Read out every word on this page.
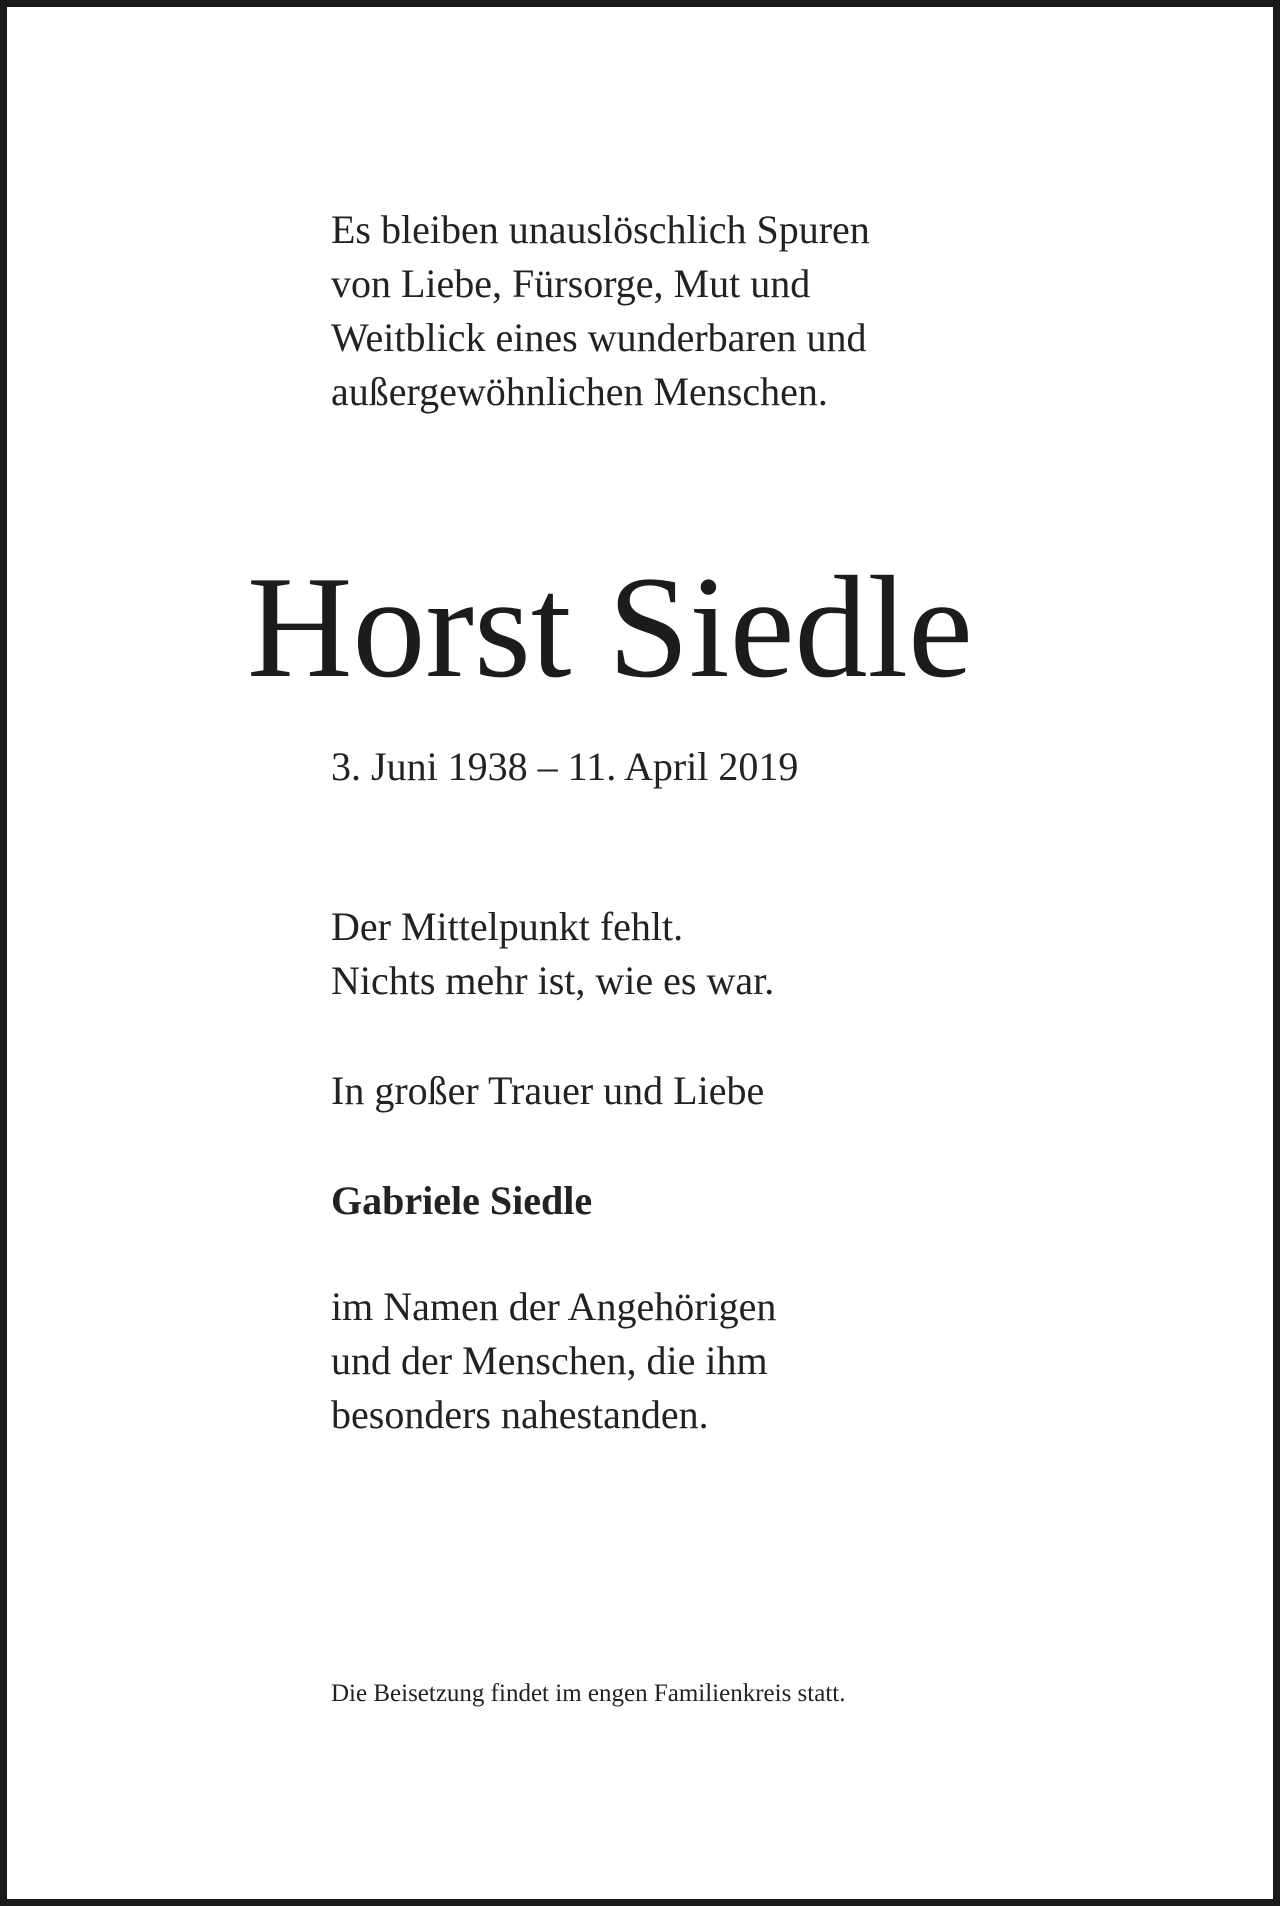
Es bleiben unauslöschlich Spuren
von Liebe, Fürsorge, Mut und
Weitblick eines wunderbaren und
außergewöhnlichen Menschen.
Horst Siedle
3. Juni 1938 – 11. April 2019
Der Mittelpunkt fehlt.
Nichts mehr ist, wie es war.
In großer Trauer und Liebe
Gabriele Siedle
im Namen der Angehörigen
und der Menschen, die ihm
besonders nahestanden.
Die Beisetzung findet im engen Familienkreis statt.
